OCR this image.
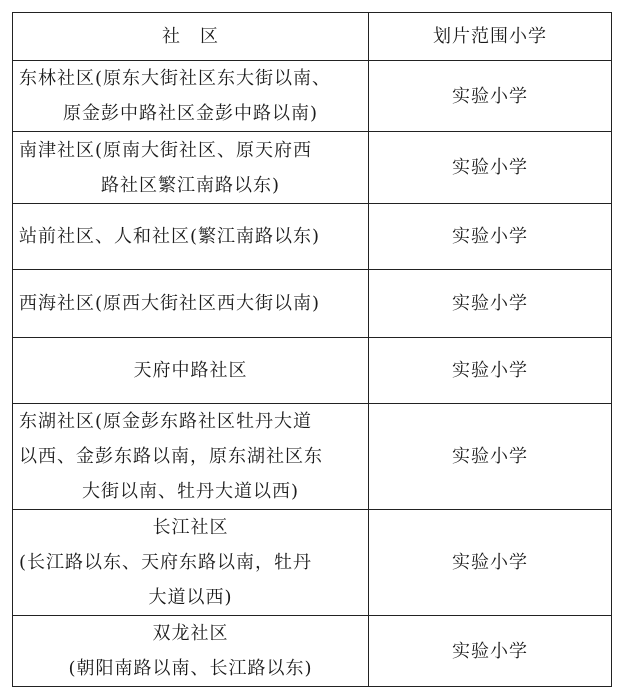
社　区	划片范围小学

东林社区(原东大街社区东大街以南、
原金彭中路社区金彭中路以南)	实验小学

南津社区(原南大街社区、原天府西
路社区繁江南路以东)	实验小学

站前社区、人和社区(繁江南路以东)	实验小学

西海社区(原西大街社区西大街以南)	实验小学

天府中路社区	实验小学

东湖社区(原金彭东路社区牡丹大道
以西、金彭东路以南，原东湖社区东
大街以南、牡丹大道以西)	实验小学

长江社区
(长江路以东、天府东路以南，牡丹
大道以西)	实验小学

双龙社区
(朝阳南路以南、长江路以东)	实验小学
